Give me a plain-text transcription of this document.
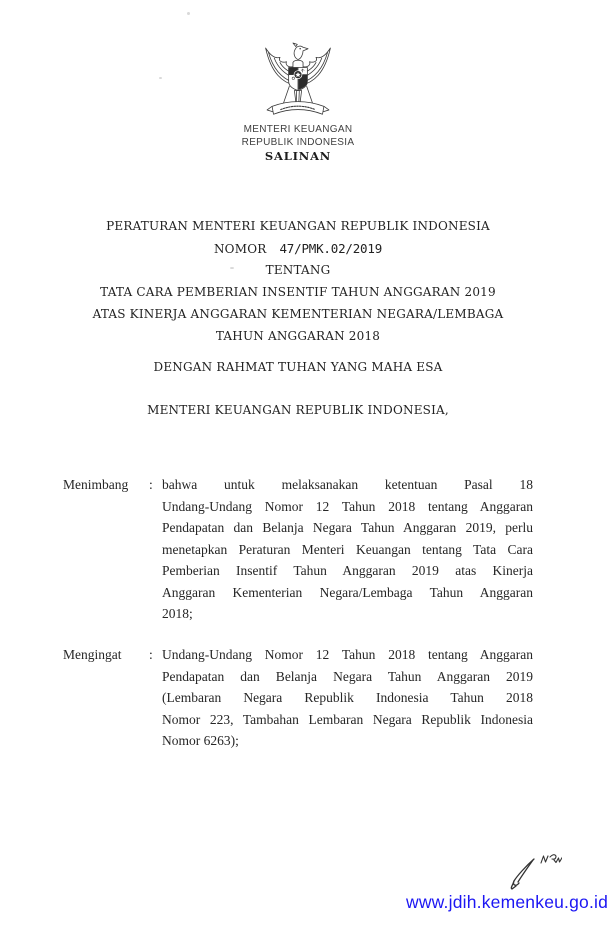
MENTERI KEUANGAN
REPUBLIK INDONESIA
SALINAN
PERATURAN MENTERI KEUANGAN REPUBLIK INDONESIA
NOMOR 47/PMK.02/2019
TENTANG
TATA CARA PEMBERIAN INSENTIF TAHUN ANGGARAN 2019
ATAS KINERJA ANGGARAN KEMENTERIAN NEGARA/LEMBAGA
TAHUN ANGGARAN 2018
DENGAN RAHMAT TUHAN YANG MAHA ESA
MENTERI KEUANGAN REPUBLIK INDONESIA,
Menimbang	: bahwa untuk melaksanakan ketentuan Pasal 18
Undang-Undang Nomor 12 Tahun 2018 tentang Anggaran
Pendapatan dan Belanja Negara Tahun Anggaran 2019, perlu
menetapkan Peraturan Menteri Keuangan tentang Tata Cara
Pemberian Insentif Tahun Anggaran 2019 atas Kinerja
Anggaran Kementerian Negara/Lembaga Tahun Anggaran
2018;
Mengingat	: Undang-Undang Nomor 12 Tahun 2018 tentang Anggaran
Pendapatan dan Belanja Negara Tahun Anggaran 2019
(Lembaran Negara Republik Indonesia Tahun 2018
Nomor 223, Tambahan Lembaran Negara Republik Indonesia
Nomor 6263);
www.jdih.kemenkeu.go.id
